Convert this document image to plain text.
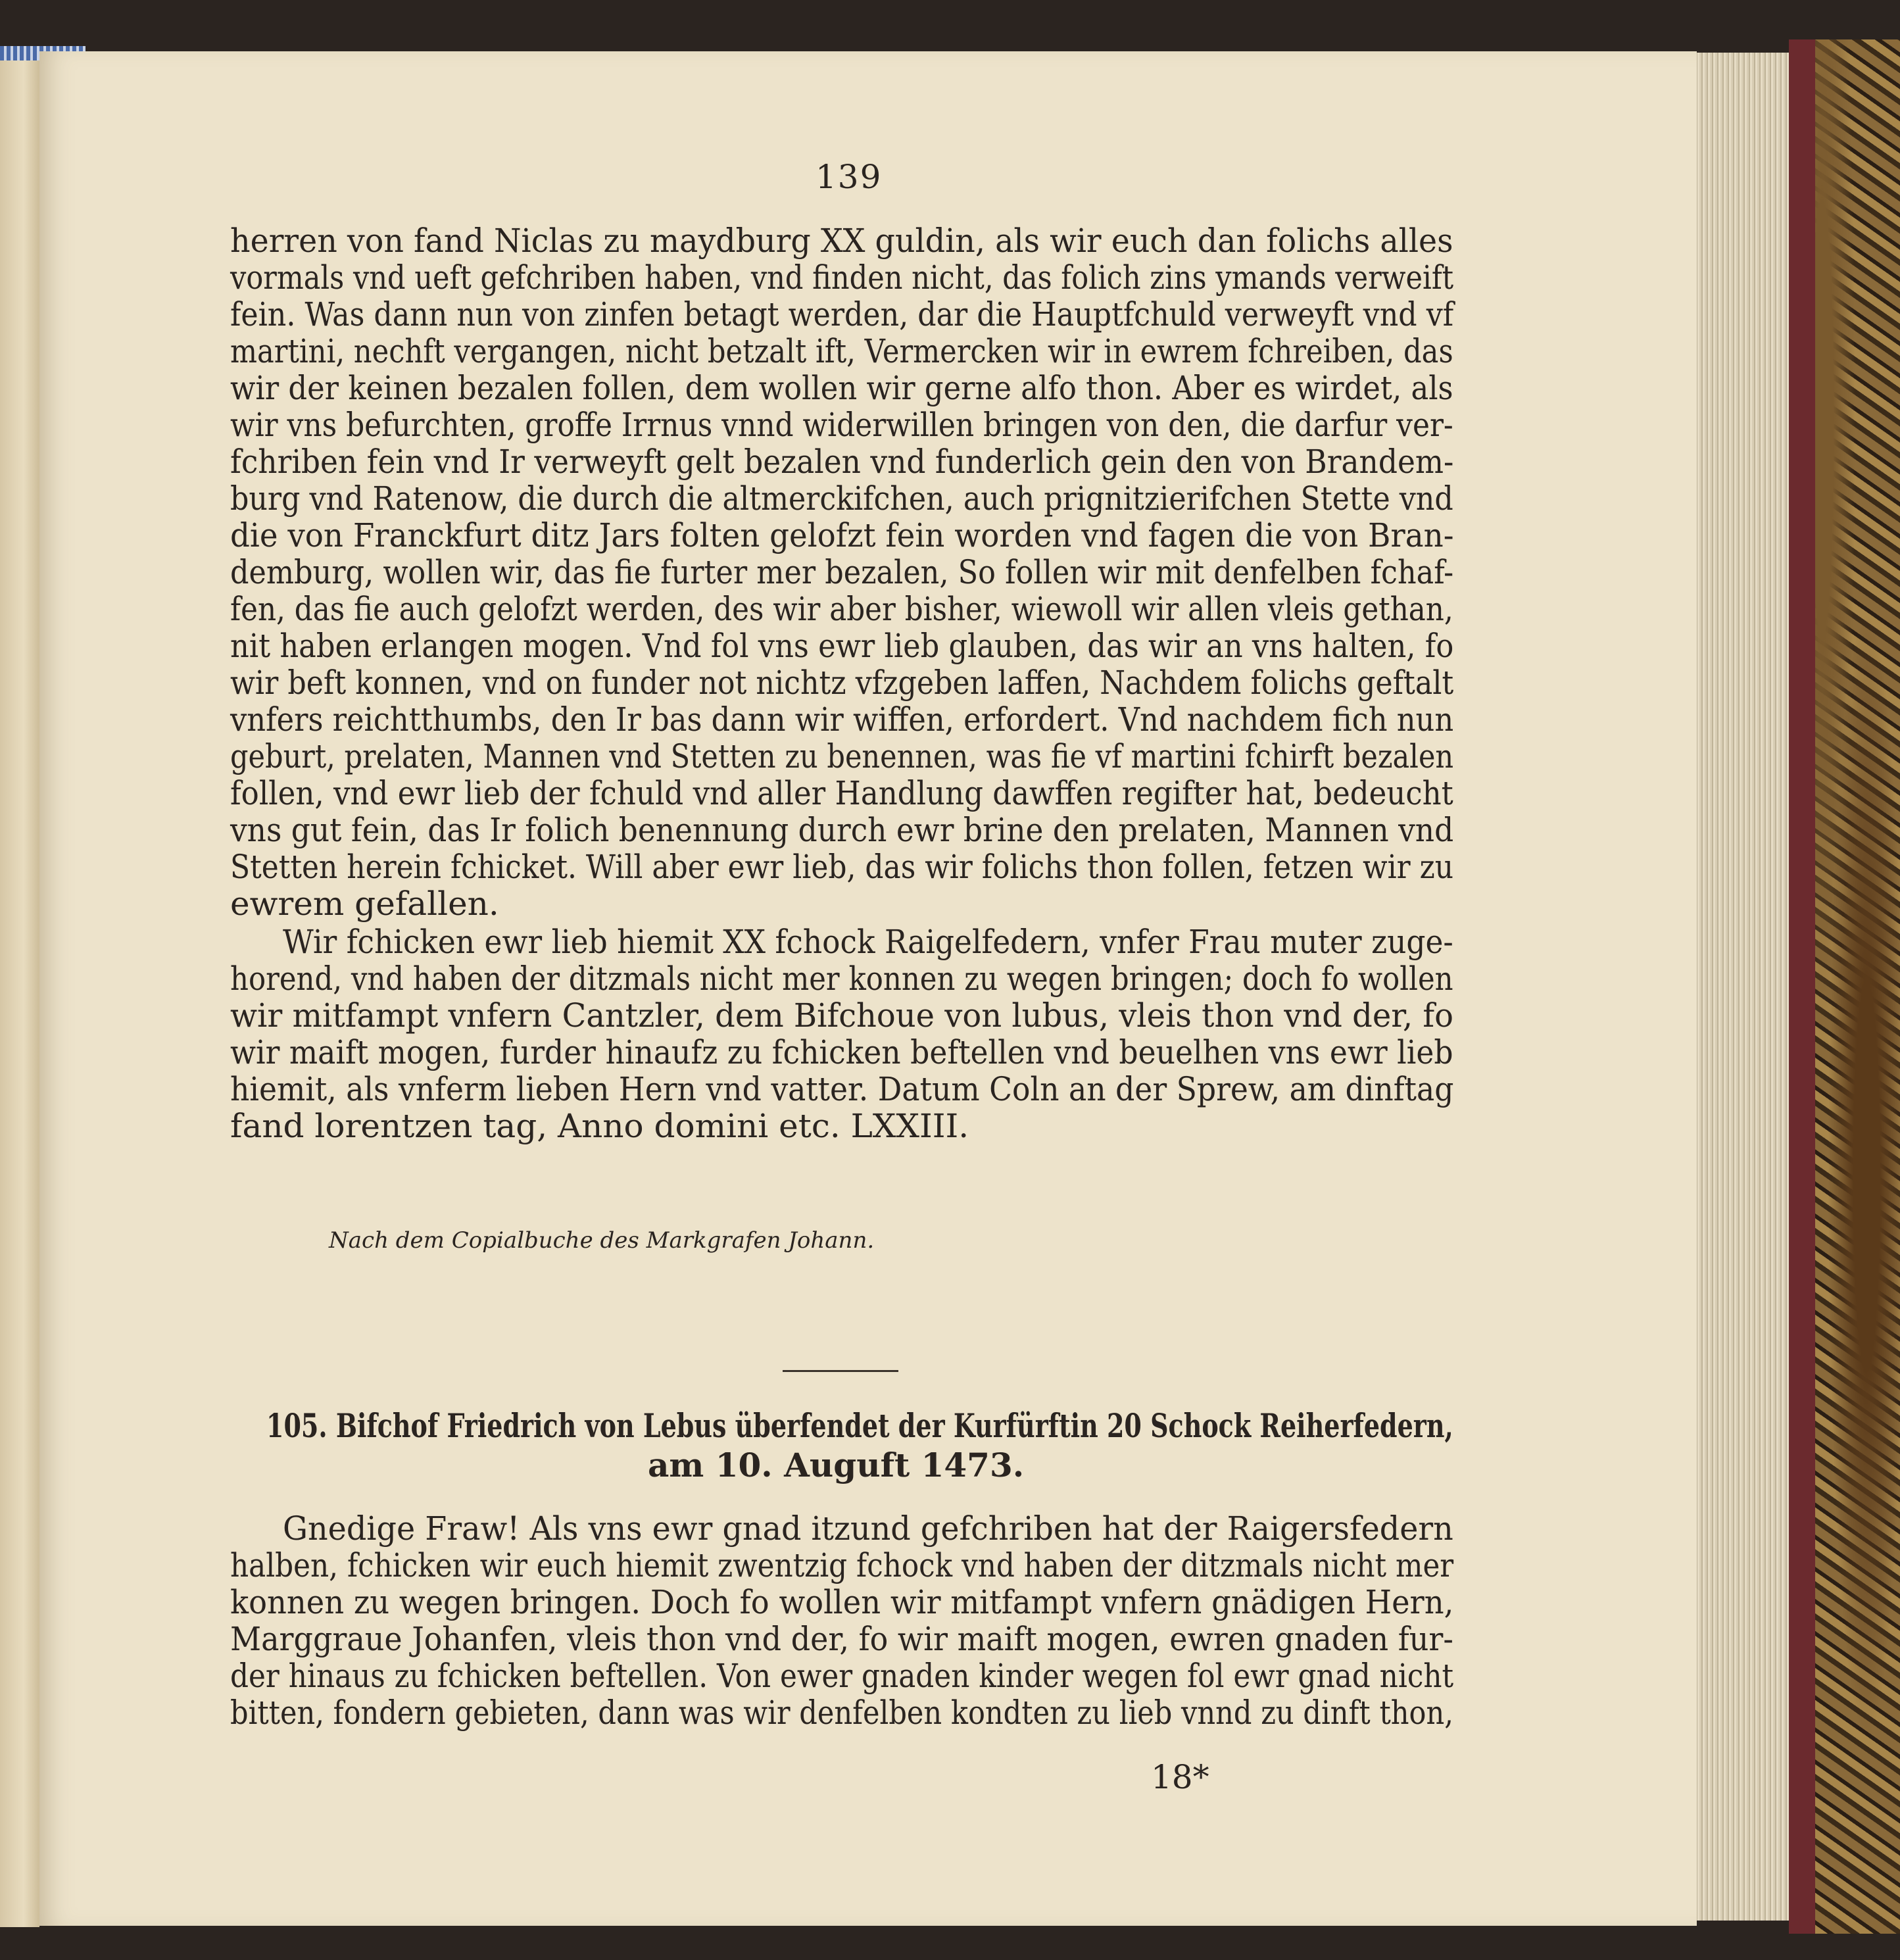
139
herren von fand Niclas zu maydburg XX guldin, als wir euch dan folichs alles
vormals vnd ueft gefchriben haben, vnd finden nicht, das folich zins ymands verweift
fein. Was dann nun von zinfen betagt werden, dar die Hauptfchuld verweyft vnd vf
martini, nechft vergangen, nicht betzalt ift, Vermercken wir in ewrem fchreiben, das
wir der keinen bezalen follen, dem wollen wir gerne alfo thon. Aber es wirdet, als
wir vns befurchten, groffe Irrnus vnnd widerwillen bringen von den, die darfur ver-
fchriben fein vnd Ir verweyft gelt bezalen vnd funderlich gein den von Brandem-
burg vnd Ratenow, die durch die altmerckifchen, auch prignitzierifchen Stette vnd
die von Franckfurt ditz Jars folten gelofzt fein worden vnd fagen die von Bran-
demburg, wollen wir, das fie furter mer bezalen, So follen wir mit denfelben fchaf-
fen, das fie auch gelofzt werden, des wir aber bisher, wiewoll wir allen vleis gethan,
nit haben erlangen mogen. Vnd fol vns ewr lieb glauben, das wir an vns halten, fo
wir beft konnen, vnd on funder not nichtz vfzgeben laffen, Nachdem folichs geftalt
vnfers reichtthumbs, den Ir bas dann wir wiffen, erfordert. Vnd nachdem fich nun
geburt, prelaten, Mannen vnd Stetten zu benennen, was fie vf martini fchirft bezalen
follen, vnd ewr lieb der fchuld vnd aller Handlung dawffen regifter hat, bedeucht
vns gut fein, das Ir folich benennung durch ewr brine den prelaten, Mannen vnd
Stetten herein fchicket. Will aber ewr lieb, das wir folichs thon follen, fetzen wir zu
ewrem gefallen.
Wir fchicken ewr lieb hiemit XX fchock Raigelfedern, vnfer Frau muter zuge-
horend, vnd haben der ditzmals nicht mer konnen zu wegen bringen; doch fo wollen
wir mitfampt vnfern Cantzler, dem Bifchoue von lubus, vleis thon vnd der, fo
wir maift mogen, furder hinaufz zu fchicken beftellen vnd beuelhen vns ewr lieb
hiemit, als vnferm lieben Hern vnd vatter. Datum Coln an der Sprew, am dinftag
fand lorentzen tag, Anno domini etc. LXXIII.
Nach dem Copialbuche des Markgrafen Johann.
105. Bifchof Friedrich von Lebus überfendet der Kurfürftin 20 Schock Reiherfedern,
am 10. Auguft 1473.
Gnedige Fraw! Als vns ewr gnad itzund gefchriben hat der Raigersfedern
halben, fchicken wir euch hiemit zwentzig fchock vnd haben der ditzmals nicht mer
konnen zu wegen bringen. Doch fo wollen wir mitfampt vnfern gnädigen Hern,
Marggraue Johanfen, vleis thon vnd der, fo wir maift mogen, ewren gnaden fur-
der hinaus zu fchicken beftellen. Von ewer gnaden kinder wegen fol ewr gnad nicht
bitten, fondern gebieten, dann was wir denfelben kondten zu lieb vnnd zu dinft thon,
18*
